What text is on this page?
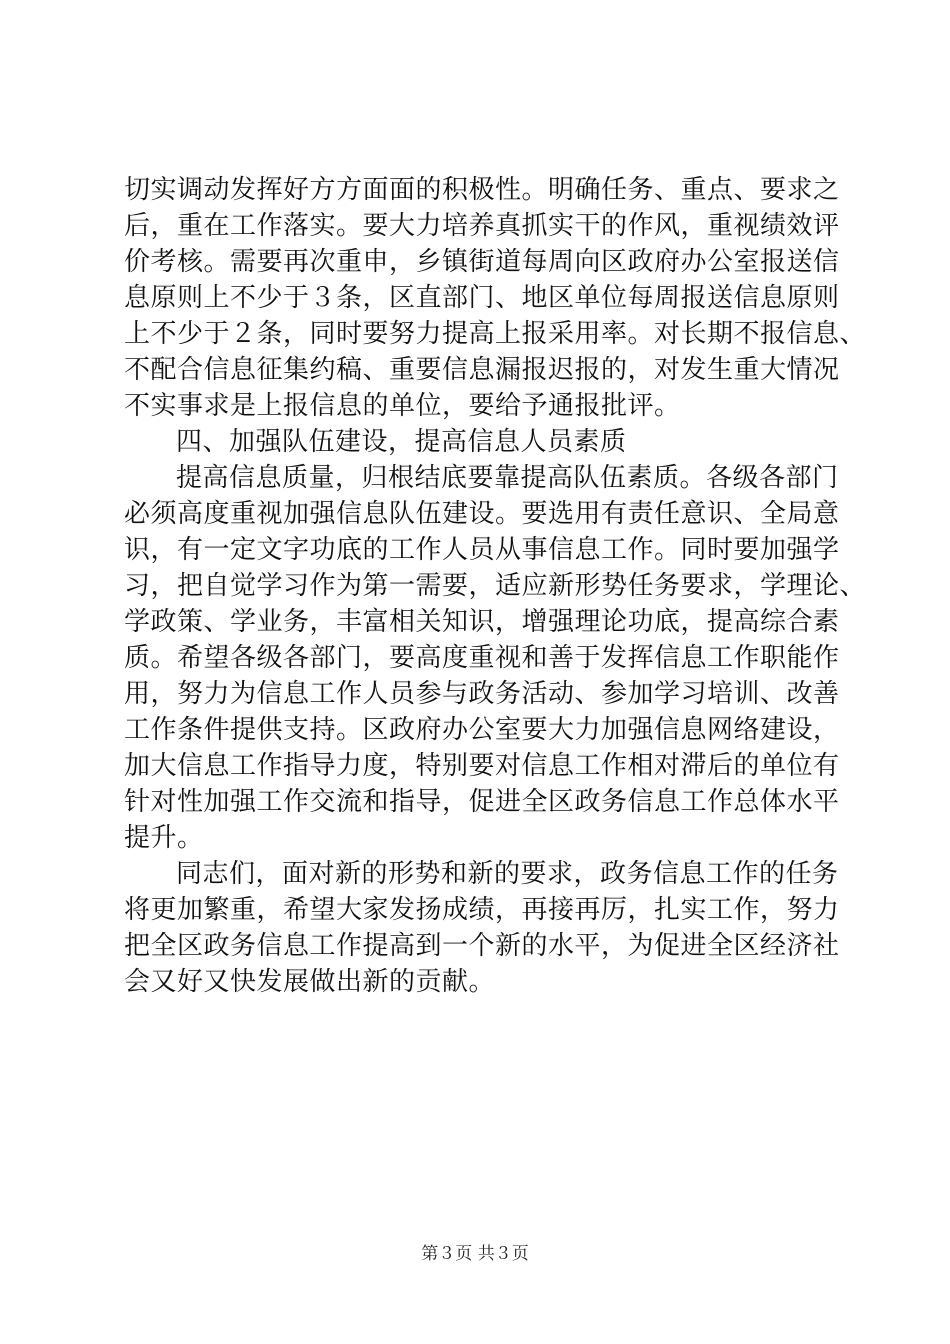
切实调动发挥好方方面面的积极性。明确任务、重点、要求之
后，重在工作落实。要大力培养真抓实干的作风，重视绩效评
价考核。需要再次重申，乡镇街道每周向区政府办公室报送信
息原则上不少于３条，区直部门、地区单位每周报送信息原则
上不少于２条，同时要努力提高上报采用率。对长期不报信息、
不配合信息征集约稿、重要信息漏报迟报的，对发生重大情况
不实事求是上报信息的单位，要给予通报批评。
四、加强队伍建设，提高信息人员素质
提高信息质量，归根结底要靠提高队伍素质。各级各部门
必须高度重视加强信息队伍建设。要选用有责任意识、全局意
识，有一定文字功底的工作人员从事信息工作。同时要加强学
习，把自觉学习作为第一需要，适应新形势任务要求，学理论、
学政策、学业务，丰富相关知识，增强理论功底，提高综合素
质。希望各级各部门，要高度重视和善于发挥信息工作职能作
用，努力为信息工作人员参与政务活动、参加学习培训、改善
工作条件提供支持。区政府办公室要大力加强信息网络建设，
加大信息工作指导力度，特别要对信息工作相对滞后的单位有
针对性加强工作交流和指导，促进全区政务信息工作总体水平
提升。
同志们，面对新的形势和新的要求，政务信息工作的任务
将更加繁重，希望大家发扬成绩，再接再厉，扎实工作，努力
把全区政务信息工作提高到一个新的水平，为促进全区经济社
会又好又快发展做出新的贡献。
第３页 共３页
